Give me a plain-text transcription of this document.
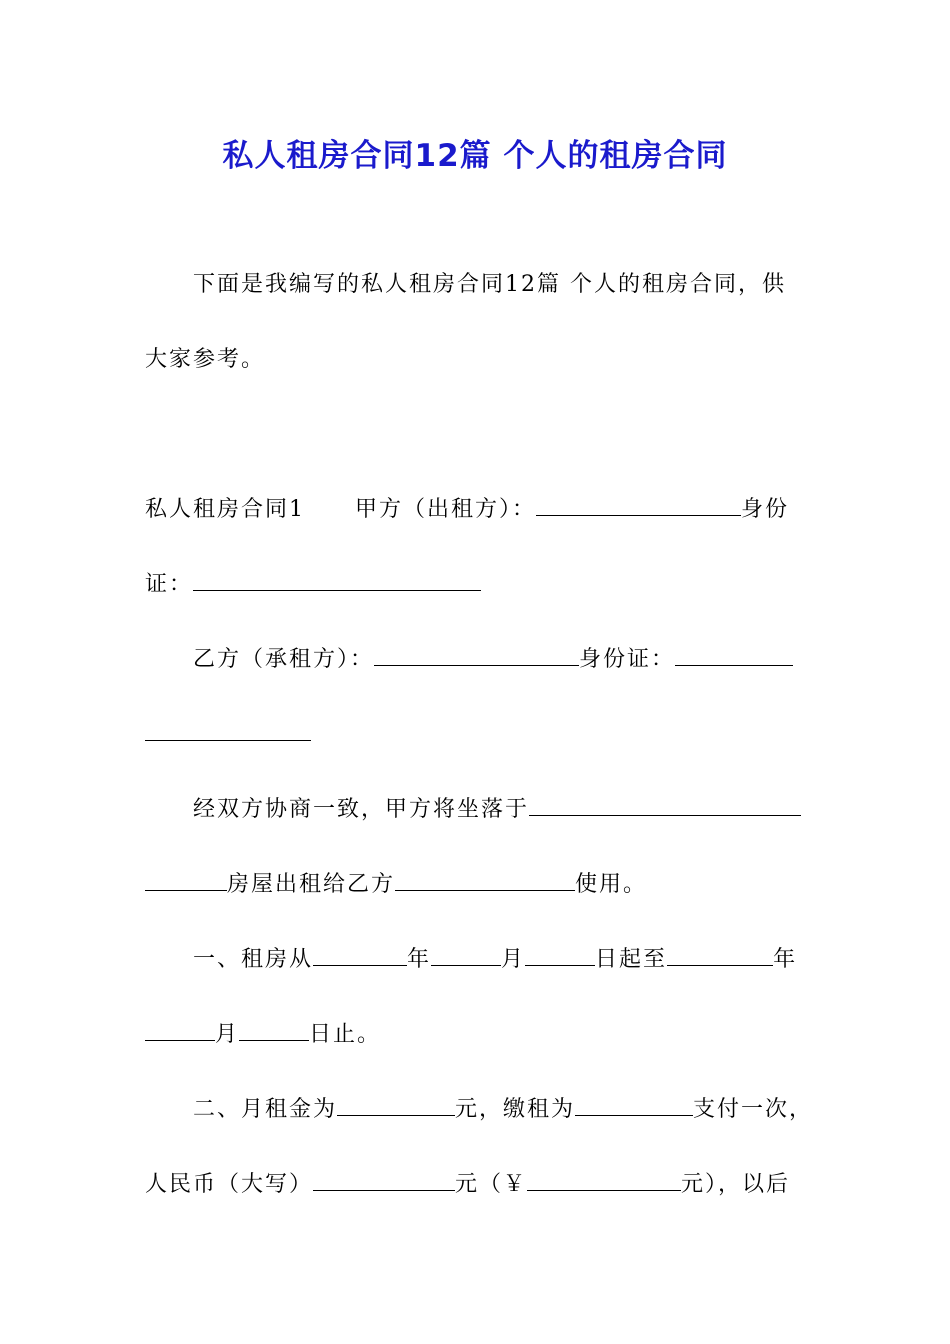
私人租房合同12篇 个人的租房合同
下面是我编写的私人租房合同12篇 个人的租房合同，供
大家参考。
私人租房合同1 甲方（出租方）：	身份
证：
乙方（承租方）：	身份证：
经双方协商一致，甲方将坐落于
房屋出租给乙方	使用。
一、租房从	年	月	日起至	年
月	日止。
二、月租金为	元，缴租为	支付一次，
人民币（大写）	元（￥	元），以后
